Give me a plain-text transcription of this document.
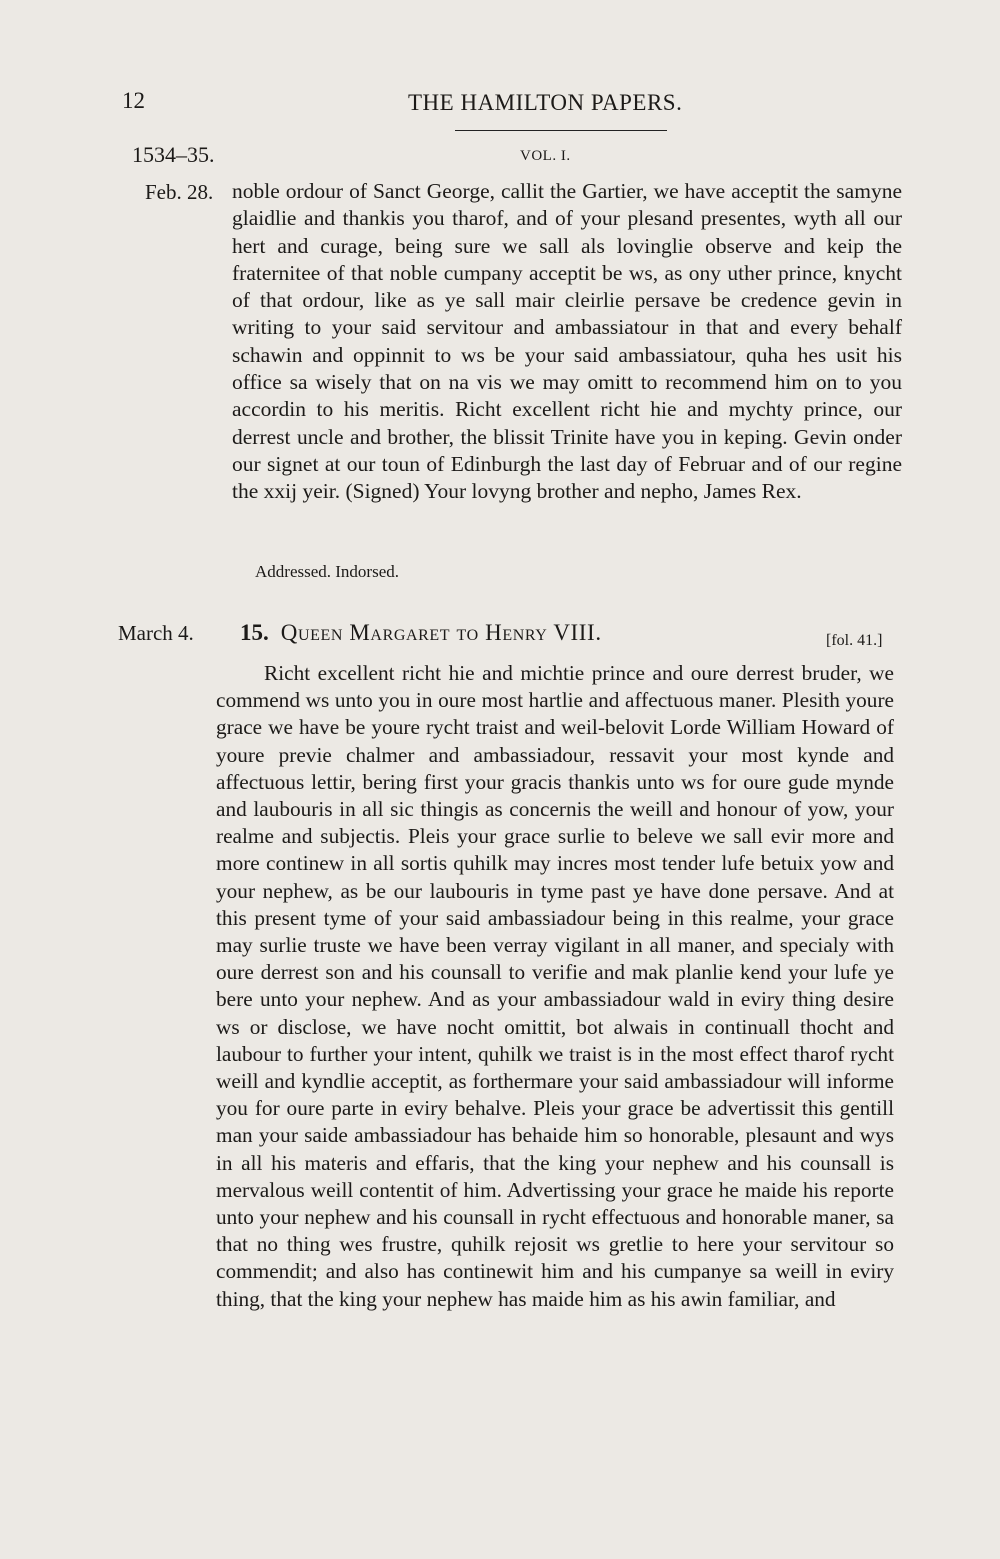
12	THE HAMILTON PAPERS.
1534–35.	VOL. I.
Feb. 28. noble ordour of Sanct George, callit the Gartier, we have acceptit the samyne glaidlie and thankis you tharof, and of your plesand presentes, wyth all our hert and curage, being sure we sall als lovinglie observe and keip the fraternitee of that noble cumpany acceptit be ws, as ony uther prince, knycht of that ordour, like as ye sall mair cleirlie persave be credence gevin in writing to your said servitour and ambassiatour in that and every behalf schawin and oppinnit to ws be your said ambassiatour, quha hes usit his office sa wisely that on na vis we may omitt to recommend him on to you accordin to his meritis. Richt excellent richt hie and mychty prince, our derrest uncle and brother, the blissit Trinite have you in keping. Gevin onder our signet at our toun of Edinburgh the last day of Februar and of our regine the xxij yeir. (Signed) Your lovyng brother and nepho, James Rex.
Addressed. Indorsed.
March 4. 15. Queen Margaret to Henry VIII.	[fol. 41.]
Richt excellent richt hie and michtie prince and oure derrest bruder, we commend ws unto you in oure most hartlie and affectuous maner. Plesith youre grace we have be youre rycht traist and weil-belovit Lorde William Howard of youre previe chalmer and ambassiadour, ressavit your most kynde and affectuous lettir, bering first your gracis thankis unto ws for oure gude mynde and laubouris in all sic thingis as concernis the weill and honour of yow, your realme and subjectis. Pleis your grace surlie to beleve we sall evir more and more continew in all sortis quhilk may incres most tender lufe betuix yow and your nephew, as be our laubouris in tyme past ye have done persave. And at this present tyme of your said ambassiadour being in this realme, your grace may surlie truste we have been verray vigilant in all maner, and specialy with oure derrest son and his counsall to verifie and mak planlie kend your lufe ye bere unto your nephew. And as your ambassiadour wald in eviry thing desire ws or disclose, we have nocht omittit, bot alwais in continuall thocht and laubour to further your intent, quhilk we traist is in the most effect tharof rycht weill and kyndlie acceptit, as forthermare your said ambassiadour will informe you for oure parte in eviry behalve. Pleis your grace be advertissit this gentill man your saide ambassiadour has behaide him so honorable, plesaunt and wys in all his materis and effaris, that the king your nephew and his counsall is mervalous weill contentit of him. Advertissing your grace he maide his reporte unto your nephew and his counsall in rycht effectuous and honorable maner, sa that no thing wes frustre, quhilk rejosit ws gretlie to here your servitour so commendit; and also has continewit him and his cumpanye sa weill in eviry thing, that the king your nephew has maide him as his awin familiar, and
